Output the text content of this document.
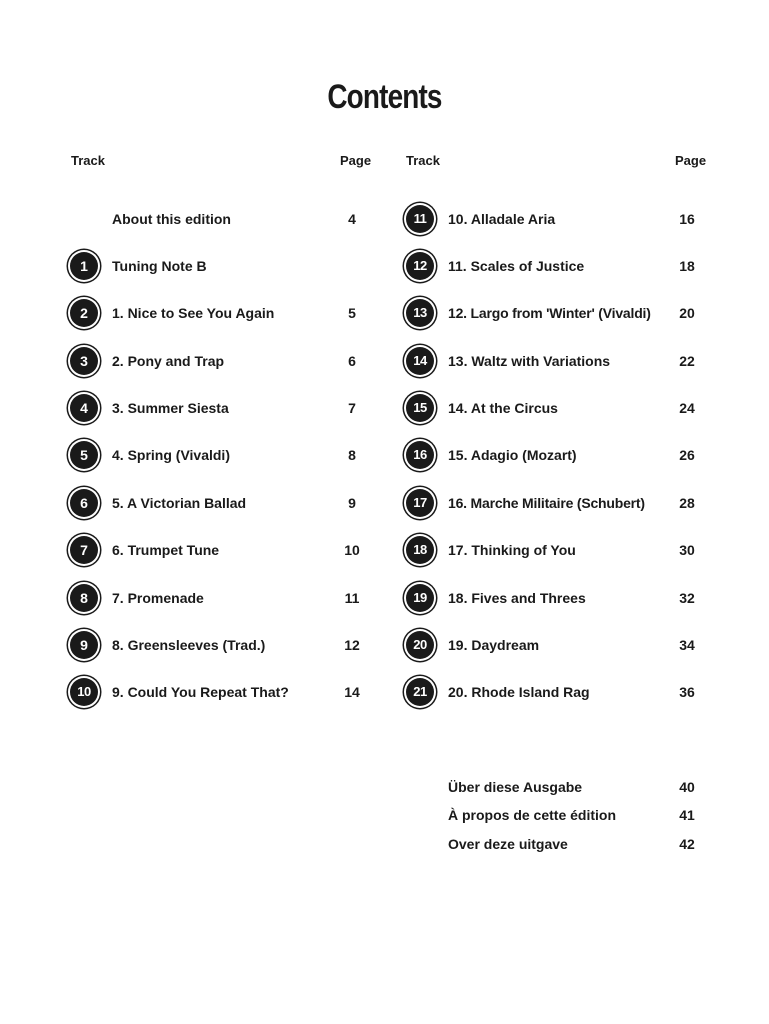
Contents
Track	Page	Track	Page
About this edition	4
1	Tuning Note B
2	1. Nice to See You Again	5
3	2. Pony and Trap	6
4	3. Summer Siesta	7
5	4. Spring (Vivaldi)	8
6	5. A Victorian Ballad	9
7	6. Trumpet Tune	10
8	7. Promenade	11
9	8. Greensleeves (Trad.)	12
10	9. Could You Repeat That?	14
11	10. Alladale Aria	16
12	11. Scales of Justice	18
13	12. Largo from 'Winter' (Vivaldi)	20
14	13. Waltz with Variations	22
15	14. At the Circus	24
16	15. Adagio (Mozart)	26
17	16. Marche Militaire (Schubert)	28
18	17. Thinking of You	30
19	18. Fives and Threes	32
20	19. Daydream	34
21	20. Rhode Island Rag	36
Über diese Ausgabe	40
À propos de cette édition	41
Over deze uitgave	42
